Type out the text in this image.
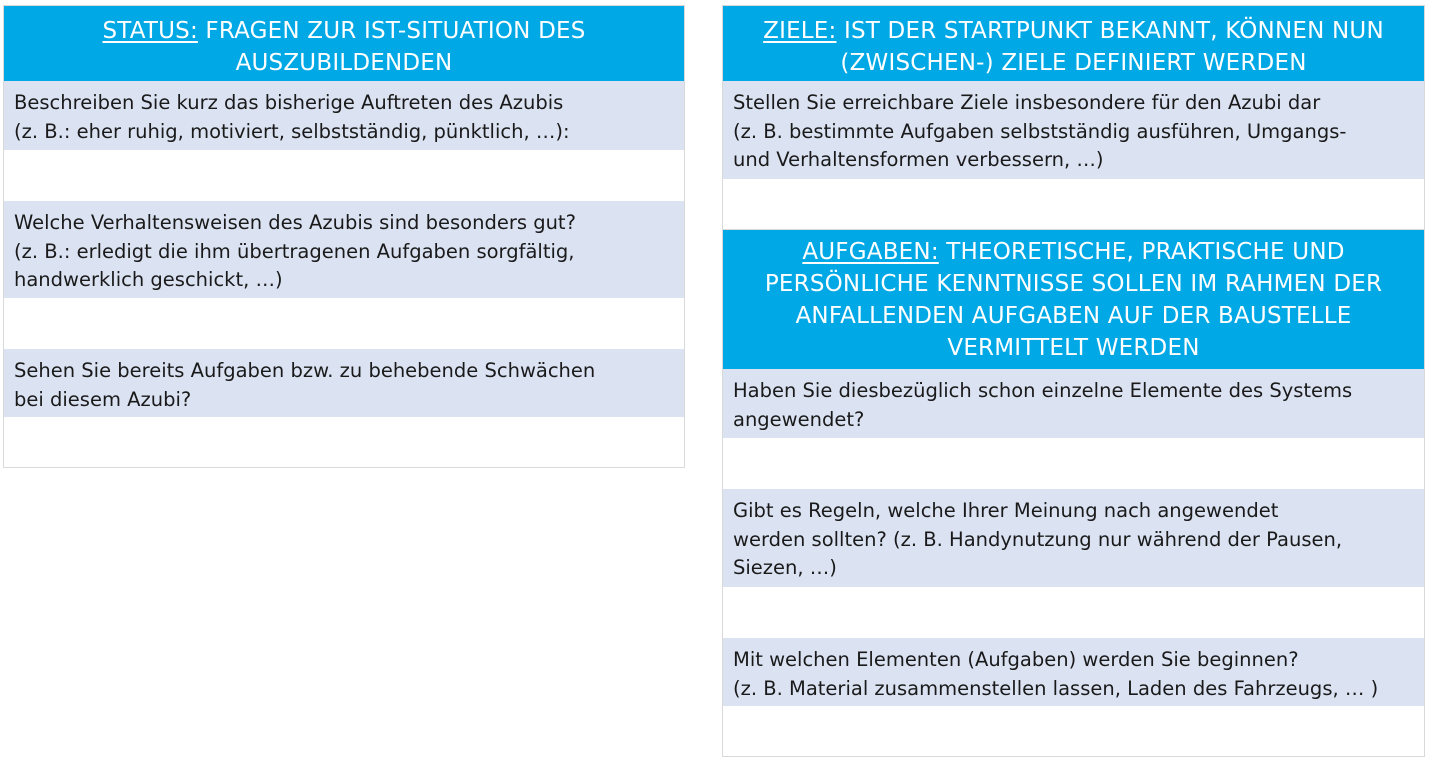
STATUS: FRAGEN ZUR IST-SITUATION DES
AUSZUBILDENDEN
Beschreiben Sie kurz das bisherige Auftreten des Azubis
(z. B.: eher ruhig, motiviert, selbstständig, pünktlich, …):
Welche Verhaltensweisen des Azubis sind besonders gut?
(z. B.: erledigt die ihm übertragenen Aufgaben sorgfältig,
handwerklich geschickt, …)
Sehen Sie bereits Aufgaben bzw. zu behebende Schwächen
bei diesem Azubi?
ZIELE: IST DER STARTPUNKT BEKANNT, KÖNNEN NUN
(ZWISCHEN-) ZIELE DEFINIERT WERDEN
Stellen Sie erreichbare Ziele insbesondere für den Azubi dar
(z. B. bestimmte Aufgaben selbstständig ausführen, Umgangs-
und Verhaltensformen verbessern, …)
AUFGABEN: THEORETISCHE, PRAKTISCHE UND
PERSÖNLICHE KENNTNISSE SOLLEN IM RAHMEN DER
ANFALLENDEN AUFGABEN AUF DER BAUSTELLE
VERMITTELT WERDEN
Haben Sie diesbezüglich schon einzelne Elemente des Systems
angewendet?
Gibt es Regeln, welche Ihrer Meinung nach angewendet
werden sollten? (z. B. Handynutzung nur während der Pausen,
Siezen, …)
Mit welchen Elementen (Aufgaben) werden Sie beginnen?
(z. B. Material zusammenstellen lassen, Laden des Fahrzeugs, … )
